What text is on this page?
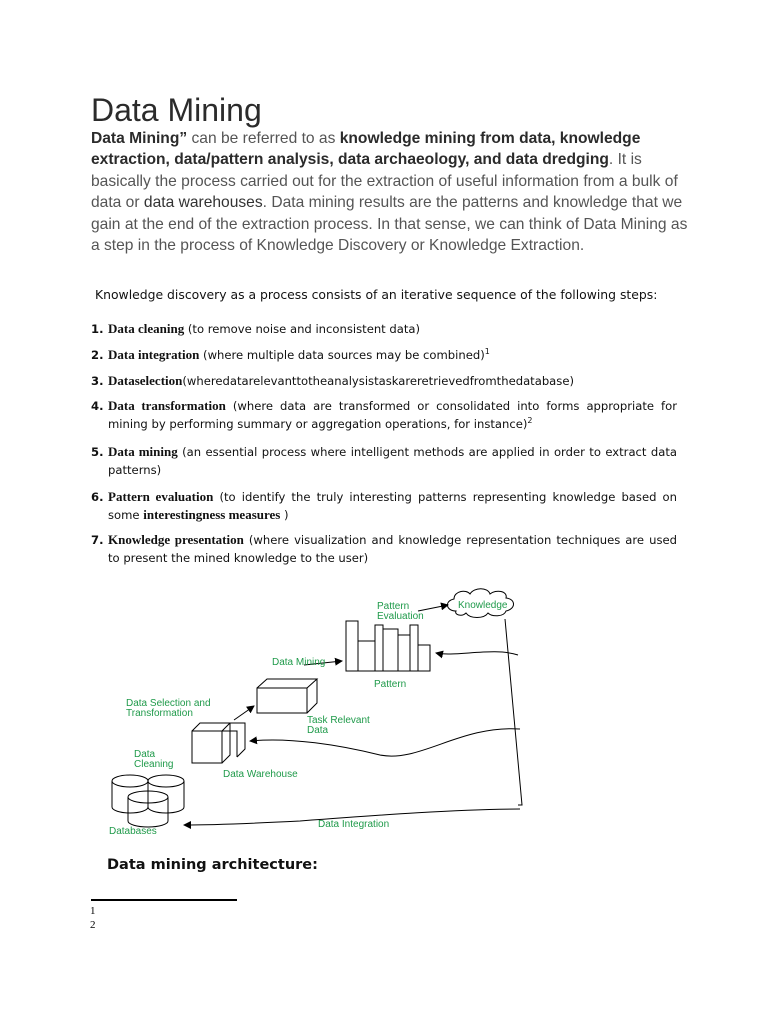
Data Mining
Data Mining” can be referred to as knowledge mining from data, knowledge extraction, data/pattern analysis, data archaeology, and data dredging. It is basically the process carried out for the extraction of useful information from a bulk of data or data warehouses. Data mining results are the patterns and knowledge that we gain at the end of the extraction process. In that sense, we can think of Data Mining as a step in the process of Knowledge Discovery or Knowledge Extraction.
Knowledge discovery as a process consists of an iterative sequence of the following steps:
1. Data cleaning (to remove noise and inconsistent data)
2. Data integration (where multiple data sources may be combined)$^1$
3. Dataselection(wheredatarelevanttotheanalysistaskareretrievedfromthedatabase)
4. Data transformation (where data are transformed or consolidated into forms appropriate for mining by performing summary or aggregation operations, for instance)$^2$
5. Data mining (an essential process where intelligent methods are applied in order to extract data patterns)
6. Pattern evaluation (to identify the truly interesting patterns representing knowledge based on some interestingness measures )
7. Knowledge presentation (where visualization and knowledge representation techniques are used to present the mined knowledge to the user)
Knowledge
Pattern
Evaluation
Data Mining
Pattern
Data Selection and
Transformation
Task Relevant
Data
Data
Cleaning
Data Warehouse
Databases
Data Integration
Data mining architecture:
1
2
